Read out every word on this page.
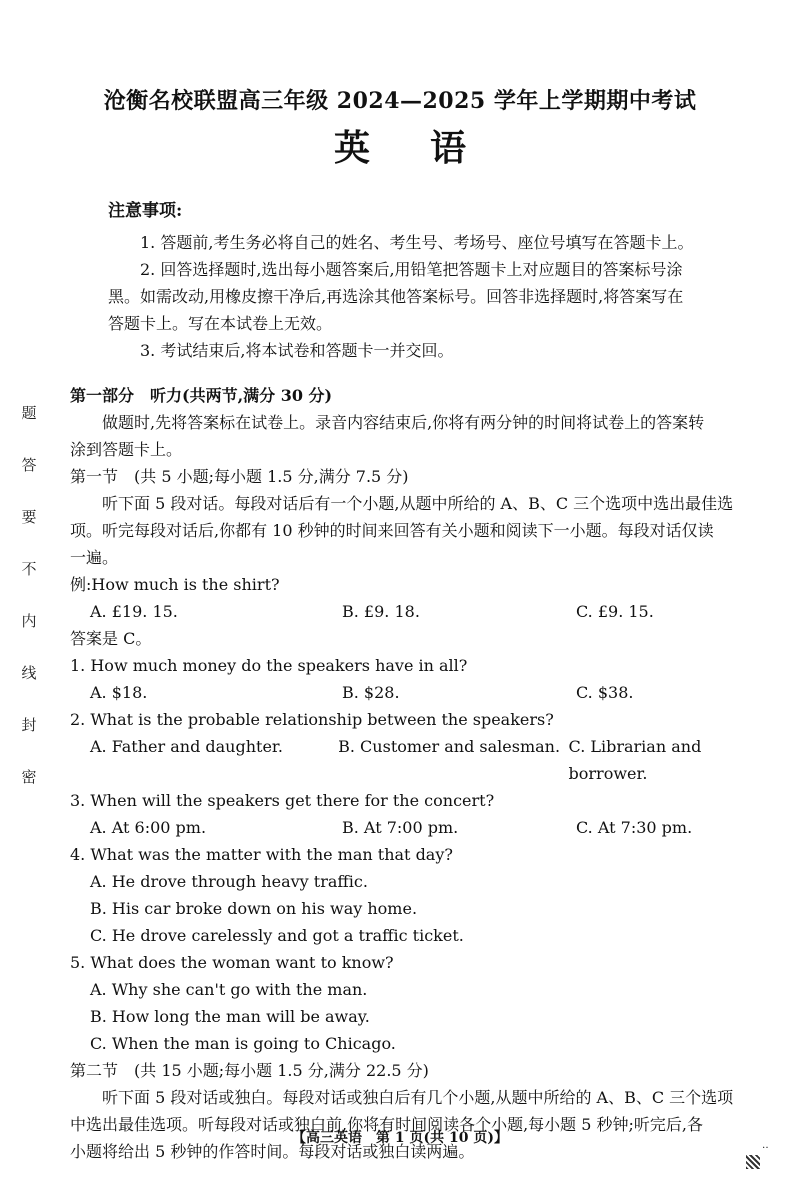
沧衡名校联盟高三年级 2024—2025 学年上学期期中考试
英 语
注意事项:

1. 答题前,考生务必将自己的姓名、考生号、考场号、座位号填写在答题卡上。

2. 回答选择题时,选出每小题答案后,用铅笔把答题卡上对应题目的答案标号涂

黑。如需改动,用橡皮擦干净后,再选涂其他答案标号。回答非选择题时,将答案写在

答题卡上。写在本试卷上无效。

3. 考试结束后,将本试卷和答题卡一并交回。

题
答
要
不
内
线
封
密

第一部分　听力(共两节,满分 30 分)

做题时,先将答案标在试卷上。录音内容结束后,你将有两分钟的时间将试卷上的答案转

涂到答题卡上。

第一节　(共 5 小题;每小题 1.5 分,满分 7.5 分)

听下面 5 段对话。每段对话后有一个小题,从题中所给的 A、B、C 三个选项中选出最佳选

项。听完每段对话后,你都有 10 秒钟的时间来回答有关小题和阅读下一小题。每段对话仅读

一遍。

例:How much is the shirt?

A. £19. 15.	B. £9. 18.	C. £9. 15.

答案是 C。

1. How much money do the speakers have in all?

A. $18.	B. $28.	C. $38.

2. What is the probable relationship between the speakers?

A. Father and daughter.	B. Customer and salesman. C. Librarian and borrower.

3. When will the speakers get there for the concert?

A. At 6:00 pm.	B. At 7:00 pm.	C. At 7:30 pm.

4. What was the matter with the man that day?

A. He drove through heavy traffic.

B. His car broke down on his way home.

C. He drove carelessly and got a traffic ticket.

5. What does the woman want to know?

A. Why she can't go with the man.

B. How long the man will be away.

C. When the man is going to Chicago.

第二节　(共 15 小题;每小题 1.5 分,满分 22.5 分)

听下面 5 段对话或独白。每段对话或独白后有几个小题,从题中所给的 A、B、C 三个选项

中选出最佳选项。听每段对话或独白前,你将有时间阅读各个小题,每小题 5 秒钟;听完后,各

小题将给出 5 秒钟的作答时间。每段对话或独白读两遍。

【高三英语　第 1 页(共 10 页)】	‥
